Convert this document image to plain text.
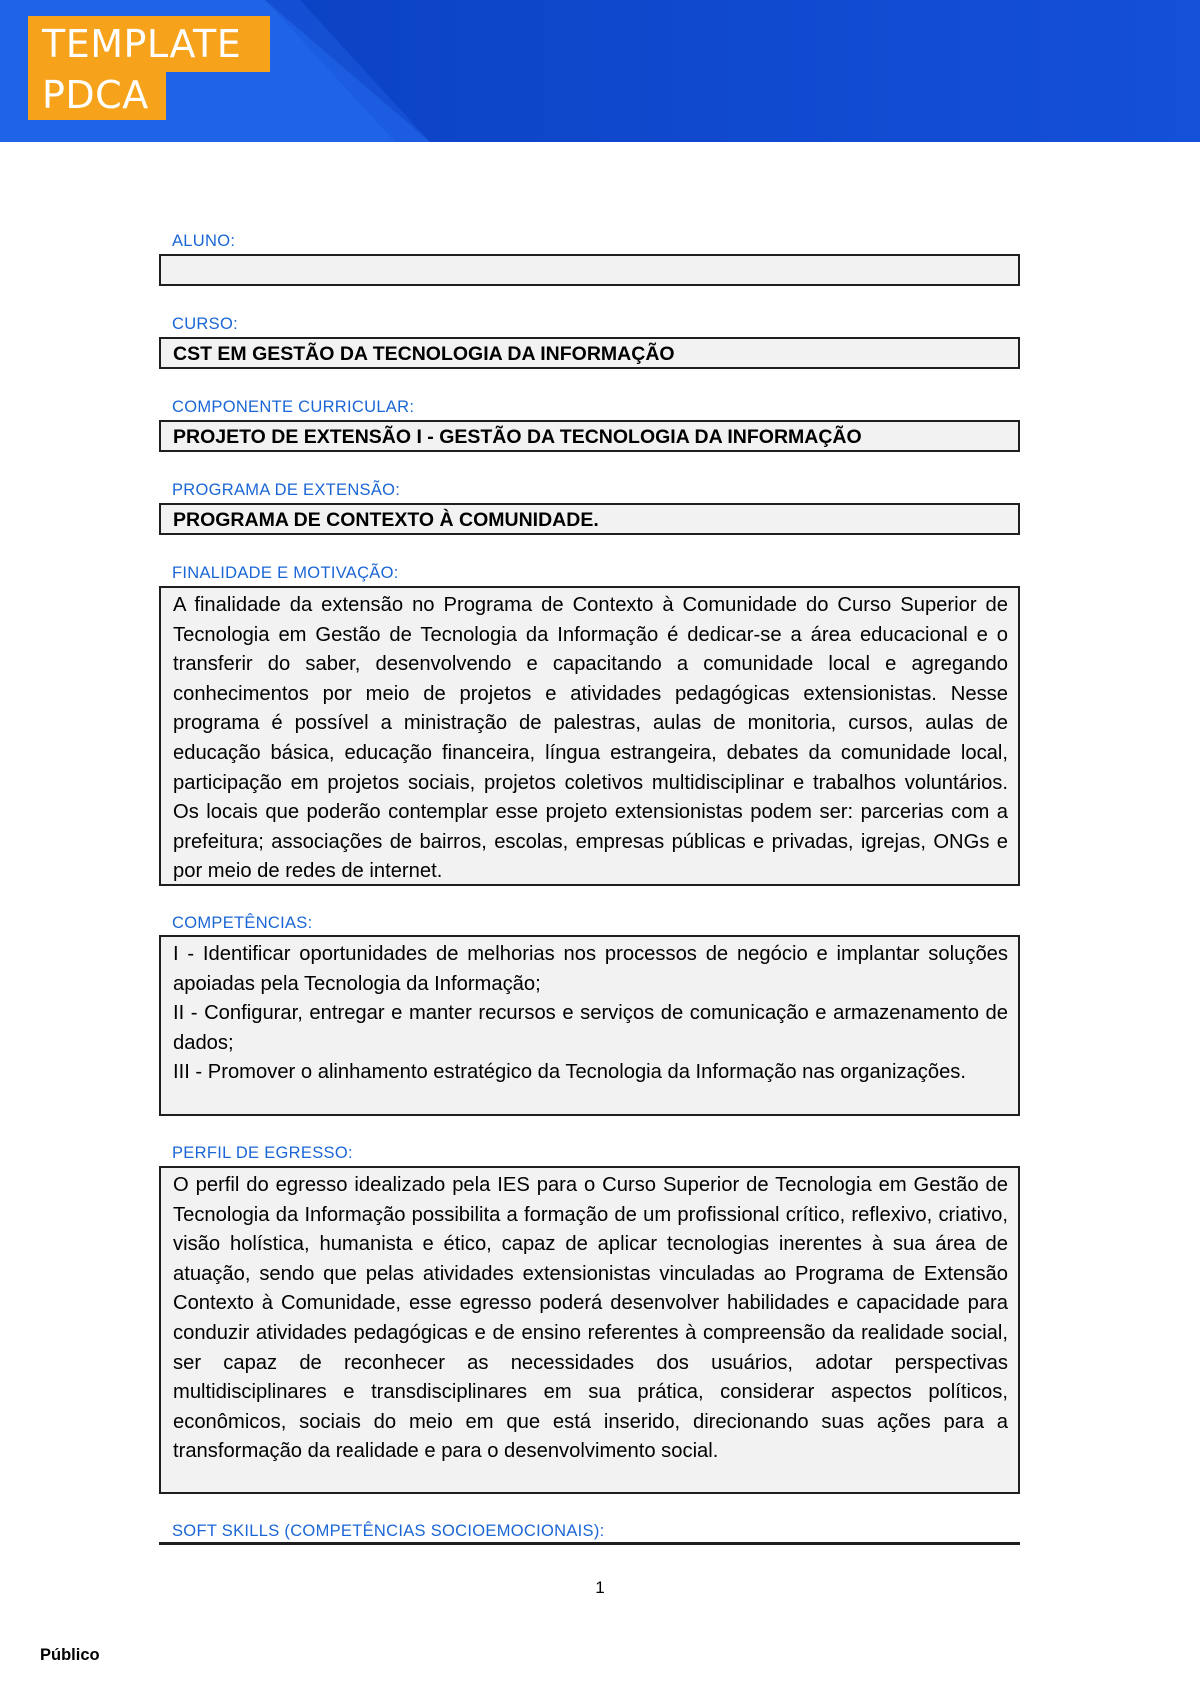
TEMPLATE
PDCA
ALUNO:
CURSO:
CST EM GESTÃO DA TECNOLOGIA DA INFORMAÇÃO
COMPONENTE CURRICULAR:
PROJETO DE EXTENSÃO I - GESTÃO DA TECNOLOGIA DA INFORMAÇÃO
PROGRAMA DE EXTENSÃO:
PROGRAMA DE CONTEXTO À COMUNIDADE.
FINALIDADE E MOTIVAÇÃO:
A finalidade da extensão no Programa de Contexto à Comunidade do Curso Superior de Tecnologia em Gestão de Tecnologia da Informação é dedicar-se a área educacional e o transferir do saber, desenvolvendo e capacitando a comunidade local e agregando conhecimentos por meio de projetos e atividades pedagógicas extensionistas. Nesse programa é possível a ministração de palestras, aulas de monitoria, cursos, aulas de educação básica, educação financeira, língua estrangeira, debates da comunidade local, participação em projetos sociais, projetos coletivos multidisciplinar e trabalhos voluntários. Os locais que poderão contemplar esse projeto extensionistas podem ser: parcerias com a prefeitura; associações de bairros, escolas, empresas públicas e privadas, igrejas, ONGs e por meio de redes de internet.
COMPETÊNCIAS:
I - Identificar oportunidades de melhorias nos processos de negócio e implantar soluções apoiadas pela Tecnologia da Informação;
II - Configurar, entregar e manter recursos e serviços de comunicação e armazenamento de dados;
III - Promover o alinhamento estratégico da Tecnologia da Informação nas organizações.
PERFIL DE EGRESSO:
O perfil do egresso idealizado pela IES para o Curso Superior de Tecnologia em Gestão de Tecnologia da Informação possibilita a formação de um profissional crítico, reflexivo, criativo, visão holística, humanista e ético, capaz de aplicar tecnologias inerentes à sua área de atuação, sendo que pelas atividades extensionistas vinculadas ao Programa de Extensão Contexto à Comunidade, esse egresso poderá desenvolver habilidades e capacidade para conduzir atividades pedagógicas e de ensino referentes à compreensão da realidade social, ser capaz de reconhecer as necessidades dos usuários, adotar perspectivas multidisciplinares e transdisciplinares em sua prática, considerar aspectos políticos, econômicos, sociais do meio em que está inserido, direcionando suas ações para a transformação da realidade e para o desenvolvimento social.
SOFT SKILLS (COMPETÊNCIAS SOCIOEMOCIONAIS):
1
Público
